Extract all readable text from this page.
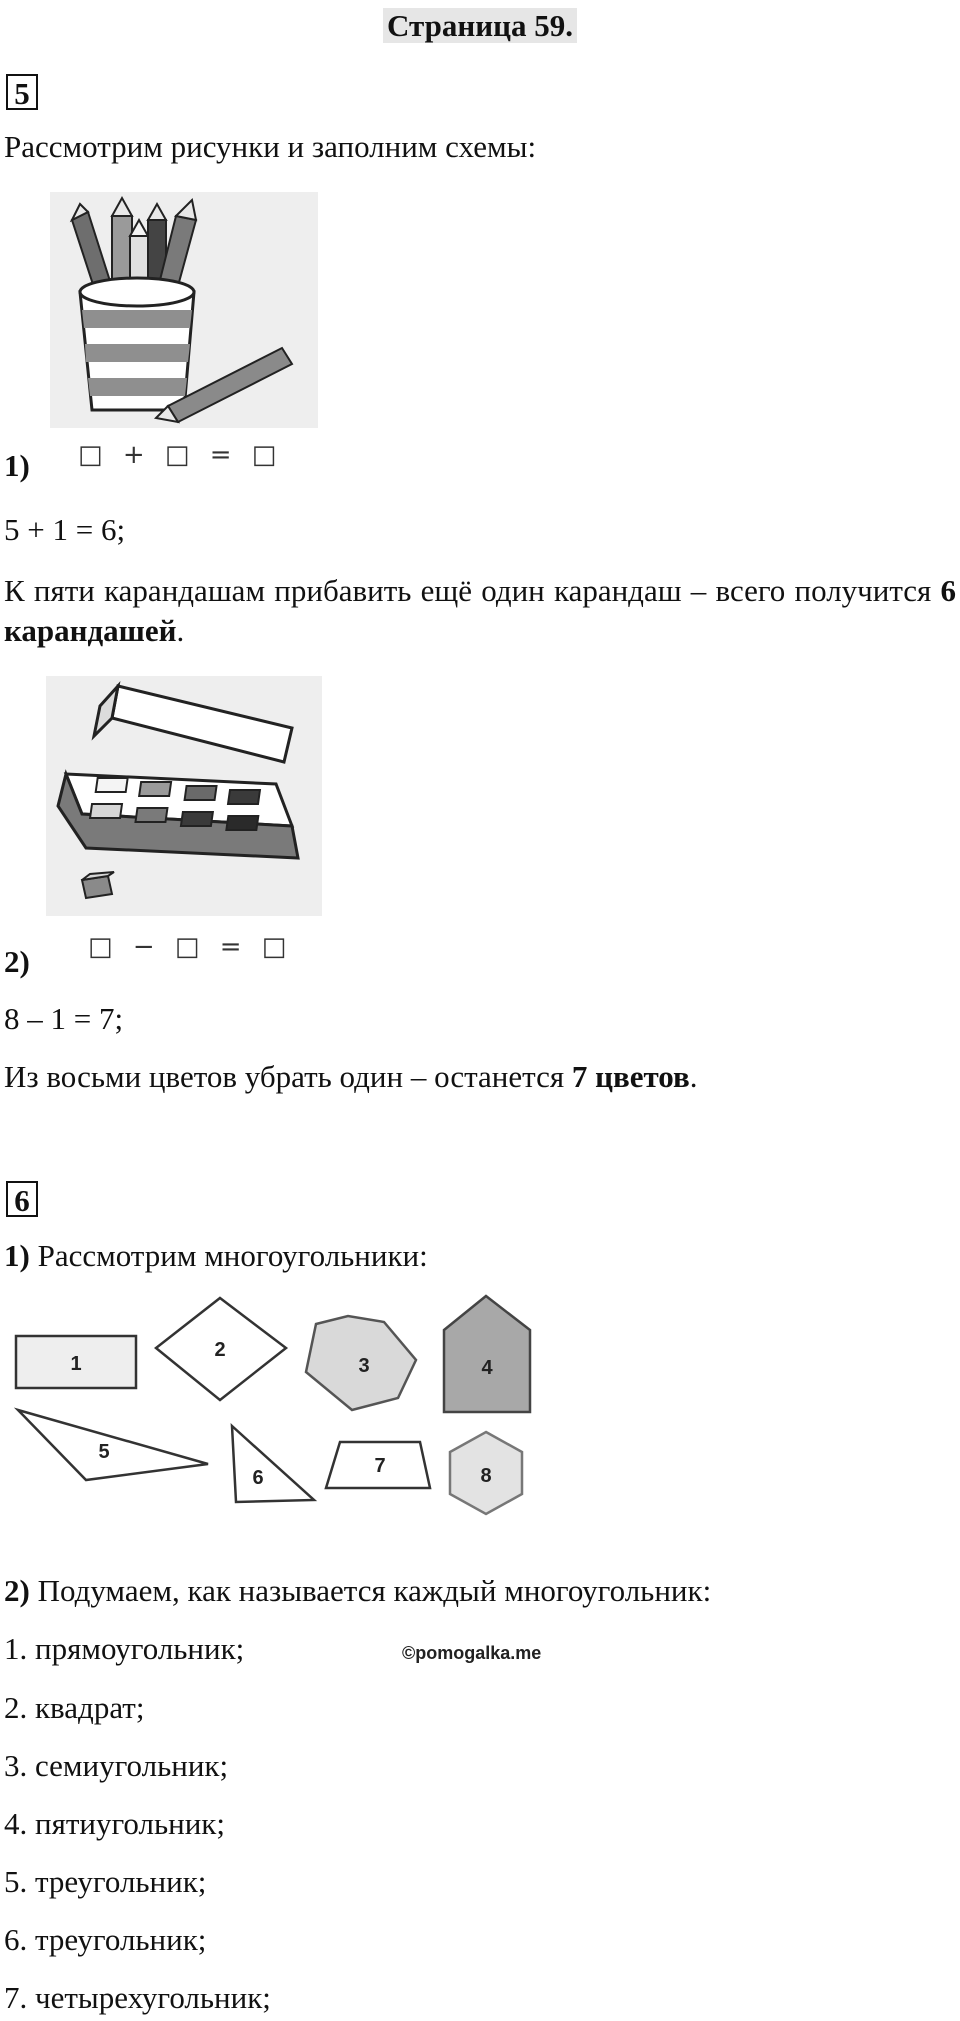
Страница 59.
5
Рассмотрим рисунки и заполним схемы:
1) □ + □ = □
5 + 1 = 6;
К пяти карандашам прибавить ещё один карандаш – всего получится 6 карандашей.
2) □ − □ = □
8 – 1 = 7;
Из восьми цветов убрать один – останется 7 цветов.
6
1) Рассмотрим многоугольники:
1
2
3	4
5
6
7	8
2) Подумаем, как называется каждый многоугольник:
1. прямоугольник;	©pomogalka.me
2. квадрат;
3. семиугольник;
4. пятиугольник;
5. треугольник;
6. треугольник;
7. четырехугольник;
